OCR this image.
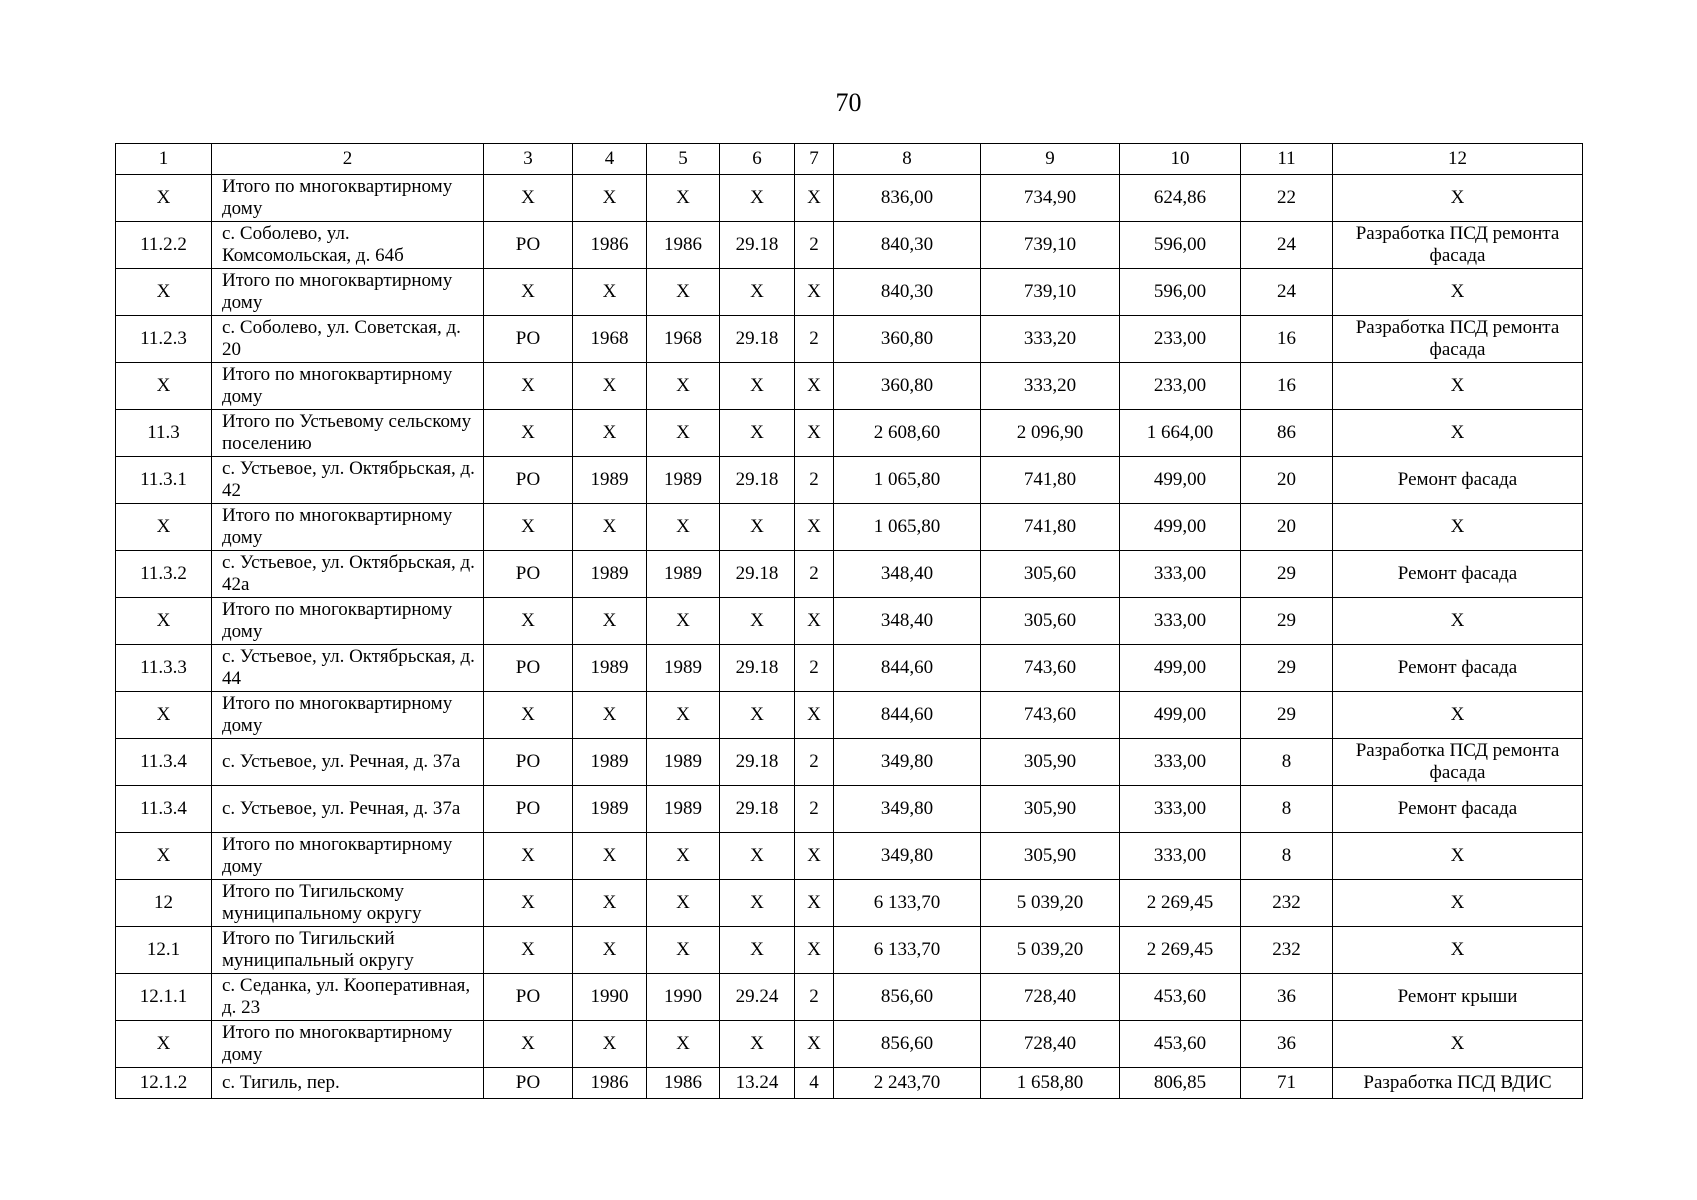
70
1	2	3	4	5	6	7	8	9	10	11	12
Х	Итого по многоквартирному дому	Х	Х	Х	Х	Х	836,00	734,90	624,86	22	Х
11.2.2	с. Соболево, ул. Комсомольская, д. 64б	РО	1986	1986	29.18	2	840,30	739,10	596,00	24	Разработка ПСД ремонта фасада
Х	Итого по многоквартирному дому	Х	Х	Х	Х	Х	840,30	739,10	596,00	24	Х
11.2.3	с. Соболево, ул. Советская, д. 20	РО	1968	1968	29.18	2	360,80	333,20	233,00	16	Разработка ПСД ремонта фасада
Х	Итого по многоквартирному дому	Х	Х	Х	Х	Х	360,80	333,20	233,00	16	Х
11.3	Итого по Устьевому сельскому поселению	Х	Х	Х	Х	Х	2 608,60	2 096,90	1 664,00	86	Х
11.3.1	с. Устьевое, ул. Октябрьская, д. 42	РО	1989	1989	29.18	2	1 065,80	741,80	499,00	20	Ремонт фасада
Х	Итого по многоквартирному дому	Х	Х	Х	Х	Х	1 065,80	741,80	499,00	20	Х
11.3.2	с. Устьевое, ул. Октябрьская, д. 42а	РО	1989	1989	29.18	2	348,40	305,60	333,00	29	Ремонт фасада
Х	Итого по многоквартирному дому	Х	Х	Х	Х	Х	348,40	305,60	333,00	29	Х
11.3.3	с. Устьевое, ул. Октябрьская, д. 44	РО	1989	1989	29.18	2	844,60	743,60	499,00	29	Ремонт фасада
Х	Итого по многоквартирному дому	Х	Х	Х	Х	Х	844,60	743,60	499,00	29	Х
11.3.4	с. Устьевое, ул. Речная, д. 37а	РО	1989	1989	29.18	2	349,80	305,90	333,00	8	Разработка ПСД ремонта фасада
11.3.4	с. Устьевое, ул. Речная, д. 37а	РО	1989	1989	29.18	2	349,80	305,90	333,00	8	Ремонт фасада
Х	Итого по многоквартирному дому	Х	Х	Х	Х	Х	349,80	305,90	333,00	8	Х
12	Итого по Тигильскому муниципальному округу	Х	Х	Х	Х	Х	6 133,70	5 039,20	2 269,45	232	Х
12.1	Итого по Тигильский муниципальный округу	Х	Х	Х	Х	Х	6 133,70	5 039,20	2 269,45	232	Х
12.1.1	с. Седанка, ул. Кооперативная, д. 23	РО	1990	1990	29.24	2	856,60	728,40	453,60	36	Ремонт крыши
Х	Итого по многоквартирному дому	Х	Х	Х	Х	Х	856,60	728,40	453,60	36	Х
12.1.2	с. Тигиль, пер.	РО	1986	1986	13.24	4	2 243,70	1 658,80	806,85	71	Разработка ПСД ВДИС
